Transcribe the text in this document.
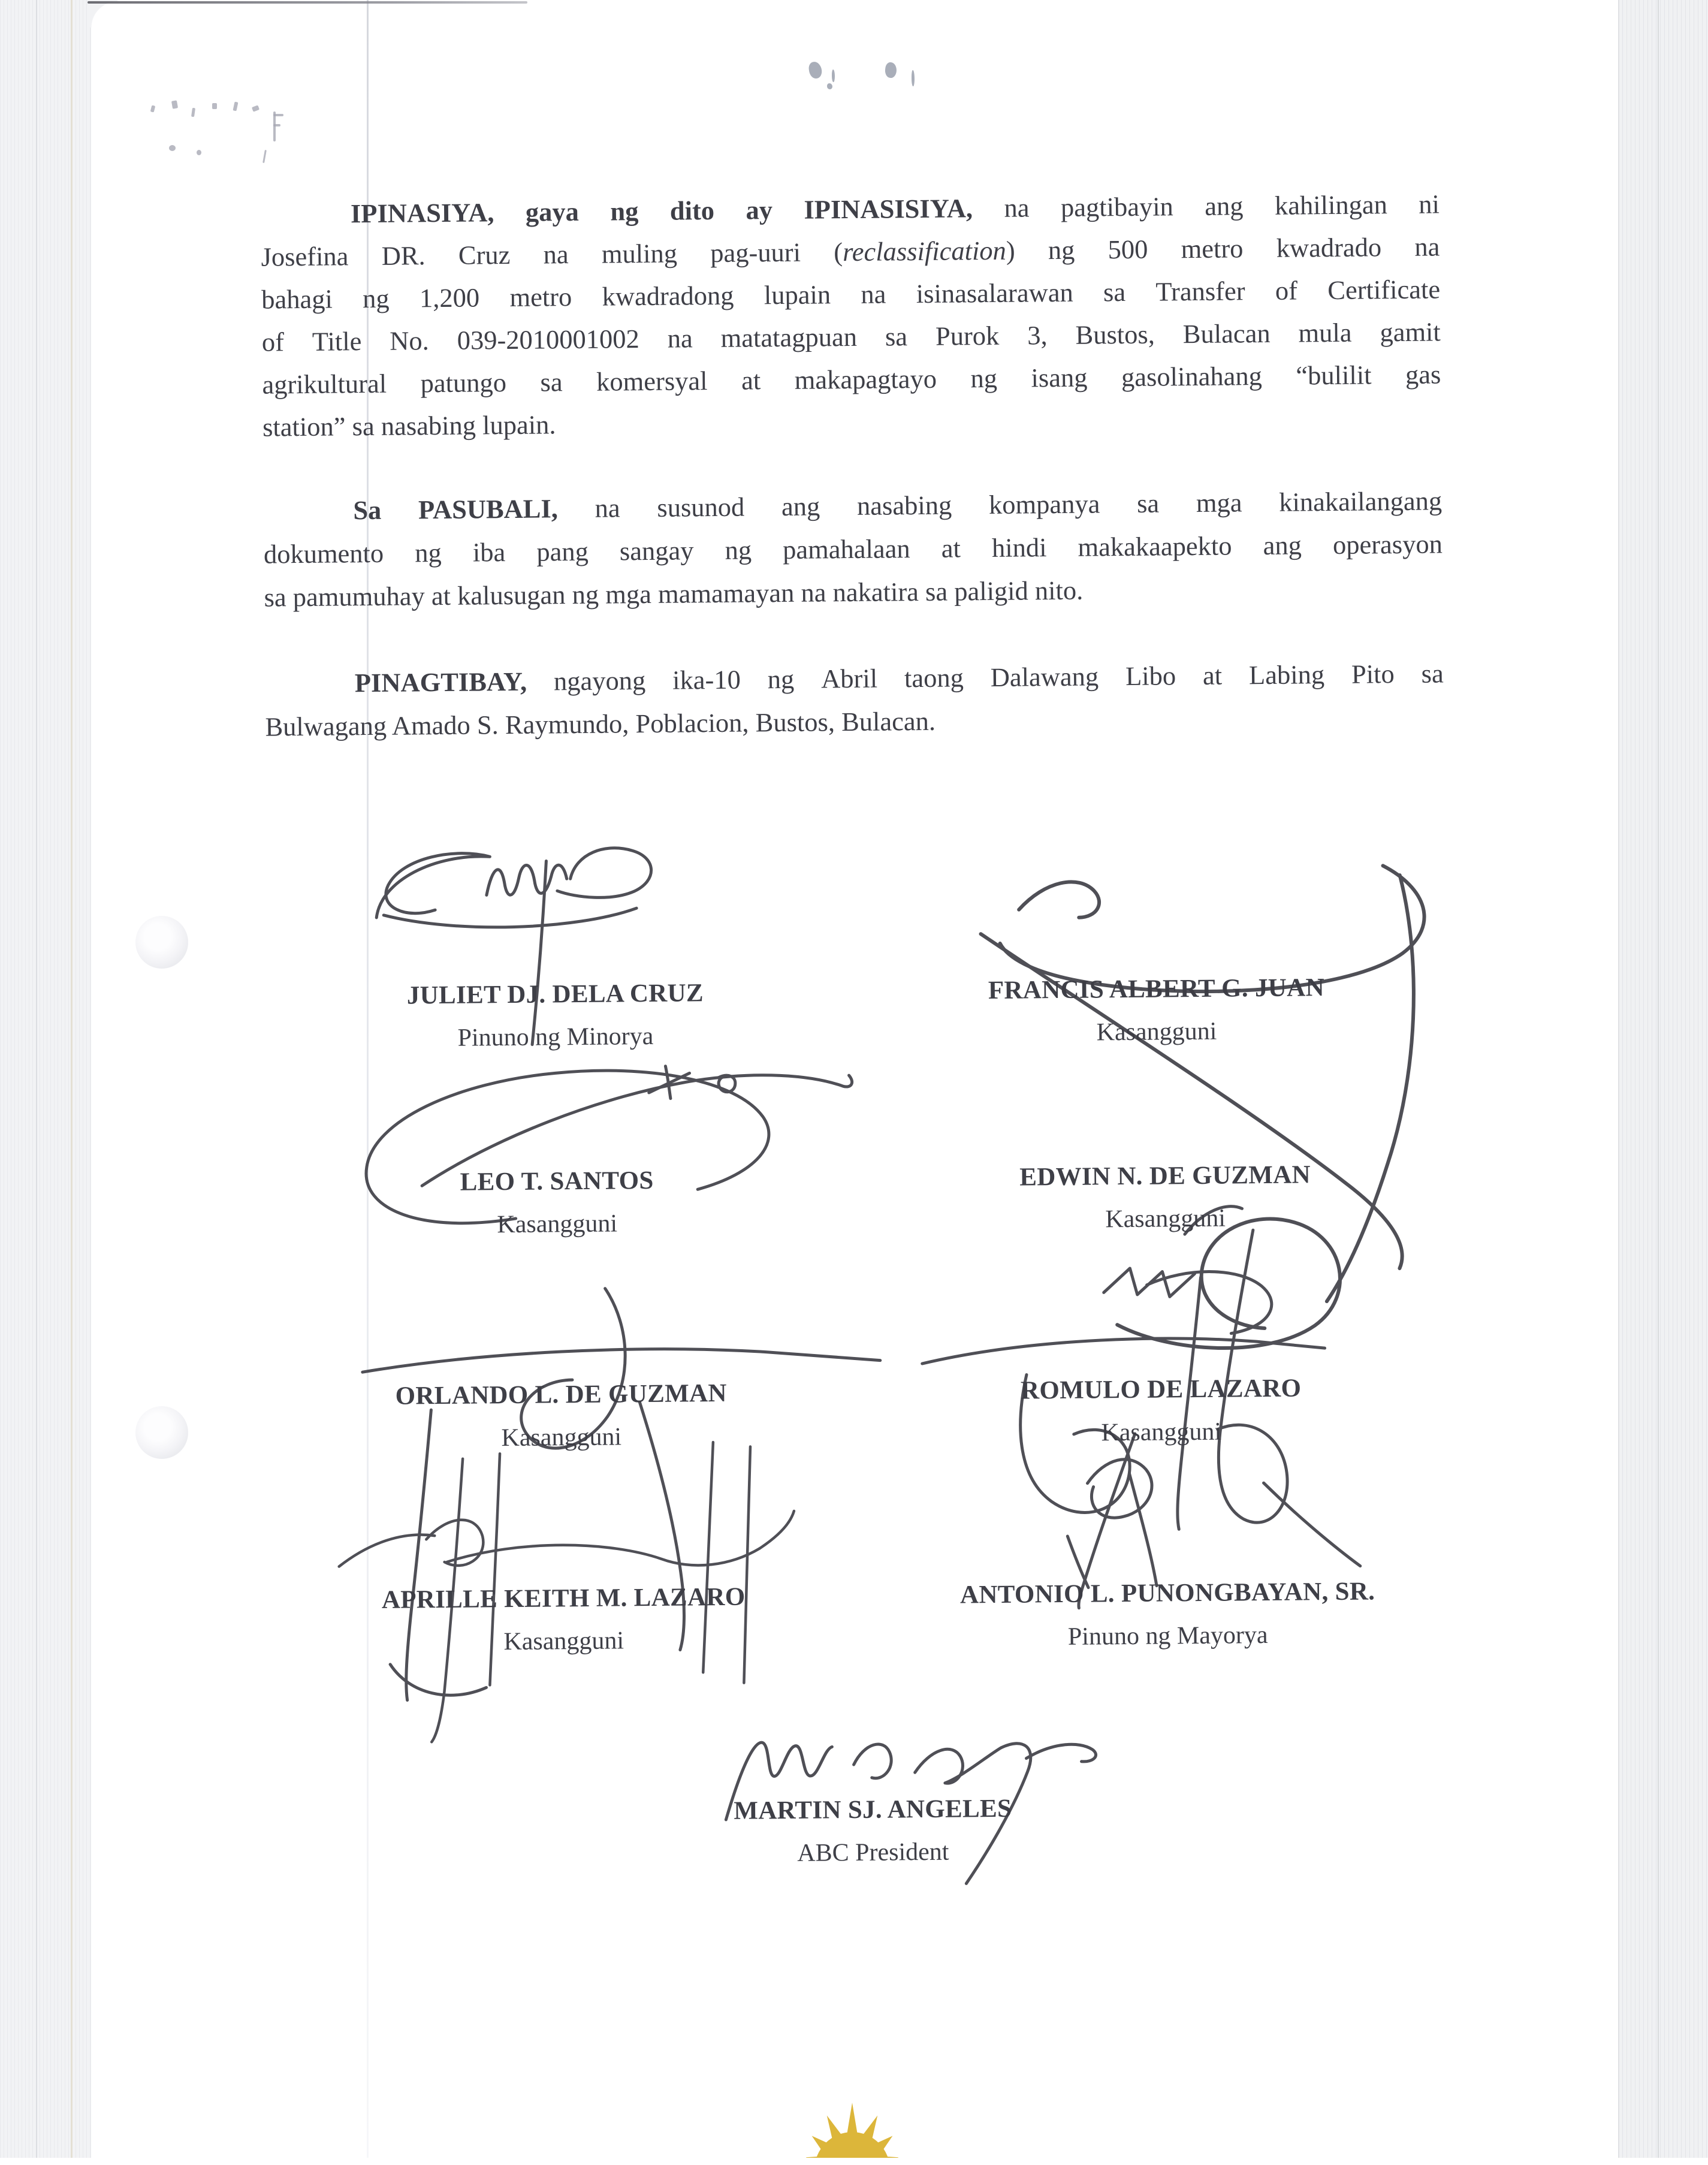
IPINASIYA, gaya ng dito ay IPINASISIYA, na pagtibayin ang kahilingan ni
Josefina DR. Cruz na muling pag-uuri (reclassification) ng 500 metro kwadrado na
bahagi ng 1,200 metro kwadradong lupain na isinasalarawan sa Transfer of Certificate
of Title No. 039-2010001002 na matatagpuan sa Purok 3, Bustos, Bulacan mula gamit
agrikultural patungo sa komersyal at makapagtayo ng isang gasolinahang “bulilit gas
station” sa nasabing lupain.
Sa PASUBALI, na susunod ang nasabing kompanya sa mga kinakailangang
dokumento ng iba pang sangay ng pamahalaan at hindi makakaapekto ang operasyon
sa pamumuhay at kalusugan ng mga mamamayan na nakatira sa paligid nito.
PINAGTIBAY, ngayong ika-10 ng Abril taong Dalawang Libo at Labing Pito sa
Bulwagang Amado S. Raymundo, Poblacion, Bustos, Bulacan.
JULIET DJ. DELA CRUZ
Pinuno ng Minorya
FRANCIS ALBERT G. JUAN
Kasangguni
LEO T. SANTOS
Kasangguni
EDWIN N. DE GUZMAN
Kasangguni
ORLANDO L. DE GUZMAN
Kasangguni
ROMULO DE LAZARO
Kasangguni
APRILLE KEITH M. LAZARO
Kasangguni
ANTONIO L. PUNONGBAYAN, SR.
Pinuno ng Mayorya
MARTIN SJ. ANGELES
ABC President
